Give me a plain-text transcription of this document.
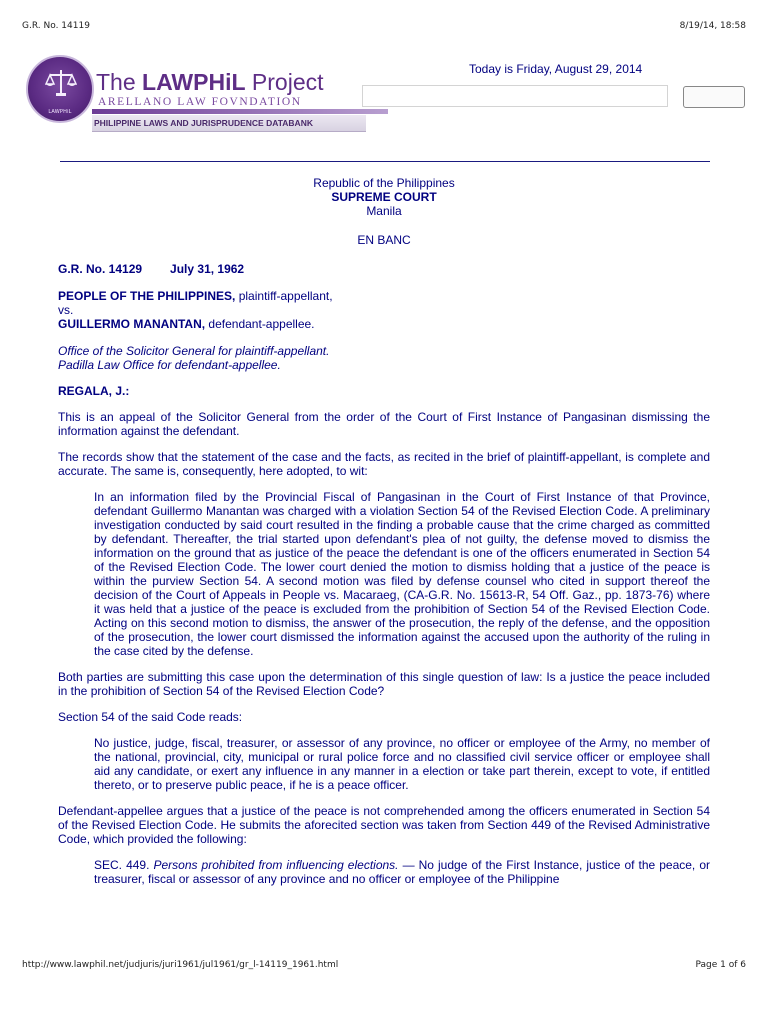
G.R. No. 14119	8/19/14, 18:58
LAWPHiL
The LAWPHiL Project
ARELLANO LAW FOVNDATION
PHILIPPINE LAWS AND JURISPRUDENCE DATABANK
Today is Friday, August 29, 2014
Republic of the Philippines
SUPREME COURT
Manila
EN BANC
G.R. No. 14129 July 31, 1962
PEOPLE OF THE PHILIPPINES, plaintiff-appellant,
vs.
GUILLERMO MANANTAN, defendant-appellee.
Office of the Solicitor General for plaintiff-appellant.
Padilla Law Office for defendant-appellee.
REGALA, J.:

This is an appeal of the Solicitor General from the order of the Court of First Instance of Pangasinan dismissing the information against the defendant.

The records show that the statement of the case and the facts, as recited in the brief of plaintiff-appellant, is complete and accurate. The same is, consequently, here adopted, to wit:

In an information filed by the Provincial Fiscal of Pangasinan in the Court of First Instance of that Province, defendant Guillermo Manantan was charged with a violation Section 54 of the Revised Election Code. A preliminary investigation conducted by said court resulted in the finding a probable cause that the crime charged as committed by defendant. Thereafter, the trial started upon defendant's plea of not guilty, the defense moved to dismiss the information on the ground that as justice of the peace the defendant is one of the officers enumerated in Section 54 of the Revised Election Code. The lower court denied the motion to dismiss holding that a justice of the peace is within the purview Section 54. A second motion was filed by defense counsel who cited in support thereof the decision of the Court of Appeals in People vs. Macaraeg, (CA-G.R. No. 15613-R, 54 Off. Gaz., pp. 1873-76) where it was held that a justice of the peace is excluded from the prohibition of Section 54 of the Revised Election Code. Acting on this second motion to dismiss, the answer of the prosecution, the reply of the defense, and the opposition of the prosecution, the lower court dismissed the information against the accused upon the authority of the ruling in the case cited by the defense.

Both parties are submitting this case upon the determination of this single question of law: Is a justice the peace included in the prohibition of Section 54 of the Revised Election Code?

Section 54 of the said Code reads:

No justice, judge, fiscal, treasurer, or assessor of any province, no officer or employee of the Army, no member of the national, provincial, city, municipal or rural police force and no classified civil service officer or employee shall aid any candidate, or exert any influence in any manner in a election or take part therein, except to vote, if entitled thereto, or to preserve public peace, if he is a peace officer.

Defendant-appellee argues that a justice of the peace is not comprehended among the officers enumerated in Section 54 of the Revised Election Code. He submits the aforecited section was taken from Section 449 of the Revised Administrative Code, which provided the following:

SEC. 449. Persons prohibited from influencing elections. — No judge of the First Instance, justice of the peace, or treasurer, fiscal or assessor of any province and no officer or employee of the Philippine

http://www.lawphil.net/judjuris/juri1961/jul1961/gr_l-14119_1961.html	Page 1 of 6
